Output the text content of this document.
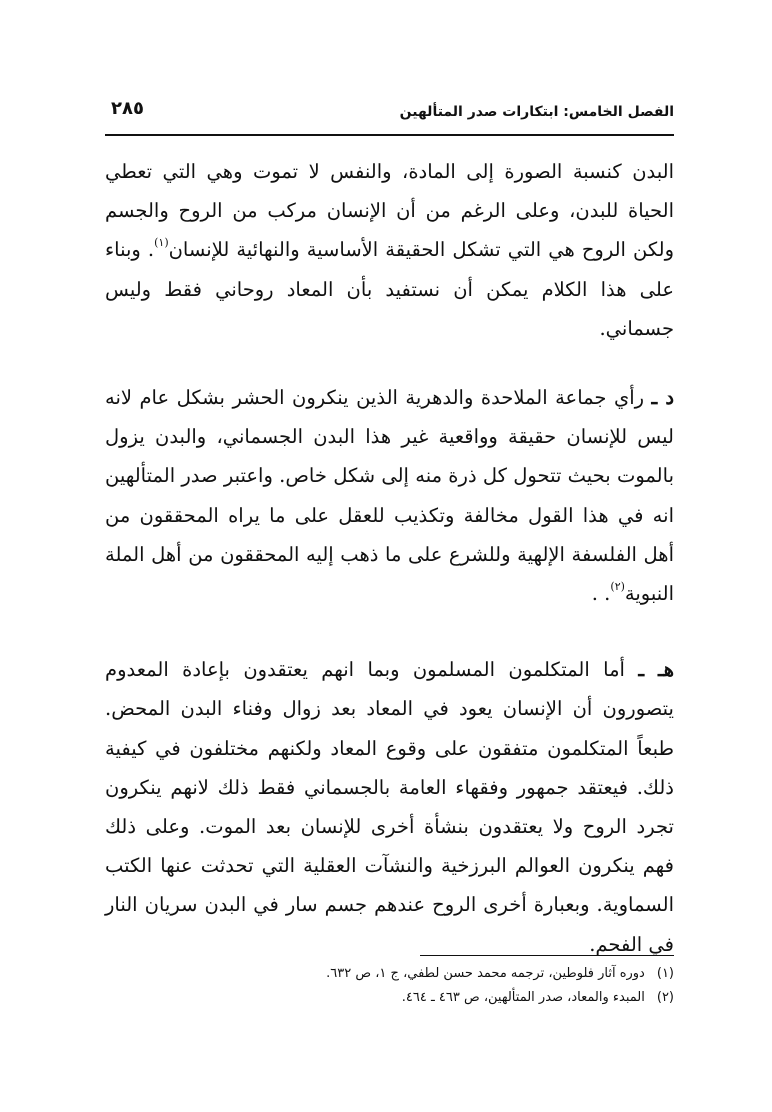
الفصل الخامس: ابتكارات صدر المتألهين
٢٨٥

البدن كنسبة الصورة إلى المادة، والنفس لا تموت وهي التي تعطي الحياة للبدن، وعلى الرغم من أن الإنسان مركب من الروح والجسم ولكن الروح هي التي تشكل الحقيقة الأساسية والنهائية للإنسان$^{(١)}$. وبناء على هذا الكلام يمكن أن نستفيد بأن المعاد روحاني فقط وليس جسماني.

د ـ رأي جماعة الملاحدة والدهرية الذين ينكرون الحشر بشكل عام لانه ليس للإنسان حقيقة وواقعية غير هذا البدن الجسماني، والبدن يزول بالموت بحيث تتحول كل ذرة منه إلى شكل خاص. واعتبر صدر المتألهين انه في هذا القول مخالفة وتكذيب للعقل على ما يراه المحققون من أهل الفلسفة الإلهية وللشرع على ما ذهب إليه المحققون من أهل الملة النبوية$^{(٢)}$. .

هـ ـ أما المتكلمون المسلمون وبما انهم يعتقدون بإعادة المعدوم يتصورون أن الإنسان يعود في المعاد بعد زوال وفناء البدن المحض. طبعاً المتكلمون متفقون على وقوع المعاد ولكنهم مختلفون في كيفية ذلك. فيعتقد جمهور وفقهاء العامة بالجسماني فقط ذلك لانهم ينكرون تجرد الروح ولا يعتقدون بنشأة أخرى للإنسان بعد الموت. وعلى ذلك فهم ينكرون العوالم البرزخية والنشآت العقلية التي تحدثت عنها الكتب السماوية. وبعبارة أخرى الروح عندهم جسم سار في البدن سريان النار في الفحم.

(١)دوره آثار فلوطين، ترجمه محمد حسن لطفي، ج ١، ص ٦٣٢.
(٢)المبدء والمعاد، صدر المتألهين، ص ٤٦٣ ـ ٤٦٤.
